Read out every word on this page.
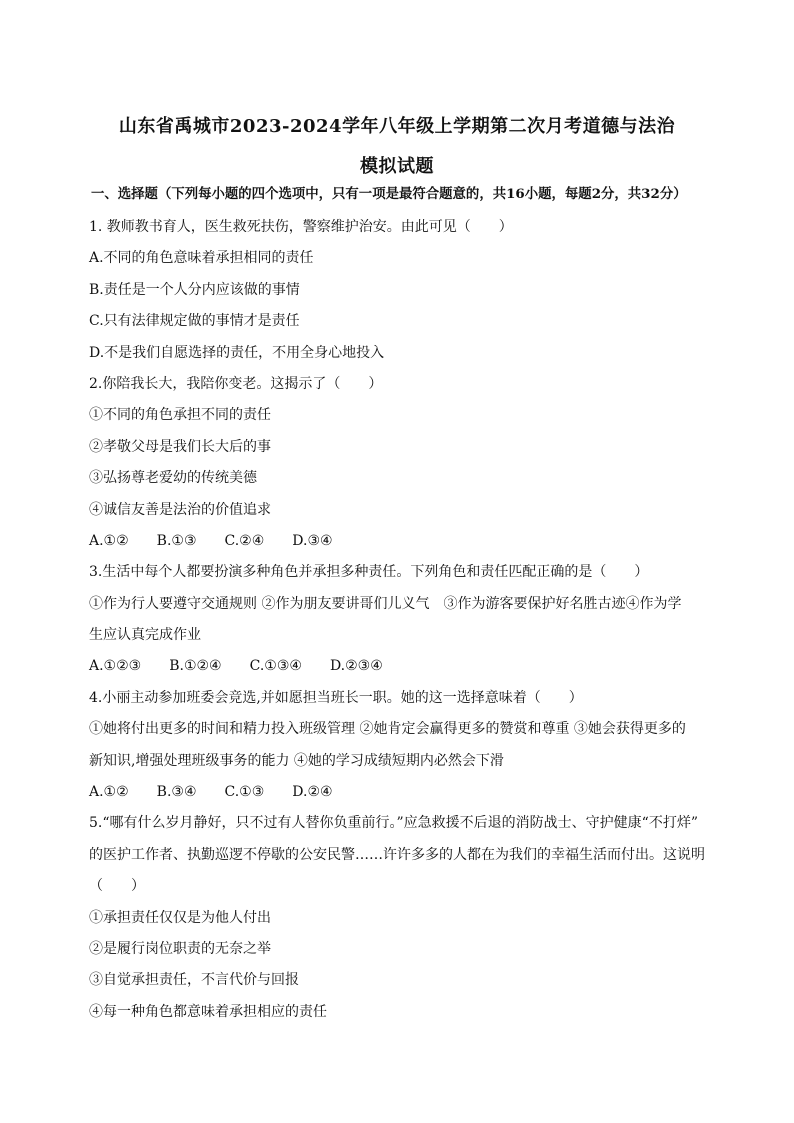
山东省禹城市2023-2024学年八年级上学期第二次月考道德与法治
模拟试题
一、选择题（下列每小题的四个选项中，只有一项是最符合题意的，共16小题，每题2分，共32分）
1. 教师教书育人，医生救死扶伤，警察维护治安。由此可见（　　）
A.不同的角色意味着承担相同的责任
B.责任是一个人分内应该做的事情
C.只有法律规定做的事情才是责任
D.不是我们自愿选择的责任，不用全身心地投入
2.你陪我长大，我陪你变老。这揭示了（　　）
①不同的角色承担不同的责任
②孝敬父母是我们长大后的事
③弘扬尊老爱幼的传统美德
④诚信友善是法治的价值追求
A.①② B.①③ C.②④ D.③④
3.生活中每个人都要扮演多种角色并承担多种责任。下列角色和责任匹配正确的是（　　）
①作为行人要遵守交通规则 ②作为朋友要讲哥们儿义气　③作为游客要保护好名胜古迹④作为学
生应认真完成作业
A.①②③ B.①②④ C.①③④ D.②③④
4.小丽主动参加班委会竞选,并如愿担当班长一职。她的这一选择意味着（　　）
①她将付出更多的时间和精力投入班级管理 ②她肯定会赢得更多的赞赏和尊重 ③她会获得更多的
新知识,增强处理班级事务的能力 ④她的学习成绩短期内必然会下滑
A.①② B.③④ C.①③ D.②④
5.“哪有什么岁月静好，只不过有人替你负重前行。”应急救援不后退的消防战士、守护健康“不打烊”
的医护工作者、执勤巡逻不停歇的公安民警……许许多多的人都在为我们的幸福生活而付出。这说明
（　　）
①承担责任仅仅是为他人付出
②是履行岗位职责的无奈之举
③自觉承担责任，不言代价与回报
④每一种角色都意味着承担相应的责任
